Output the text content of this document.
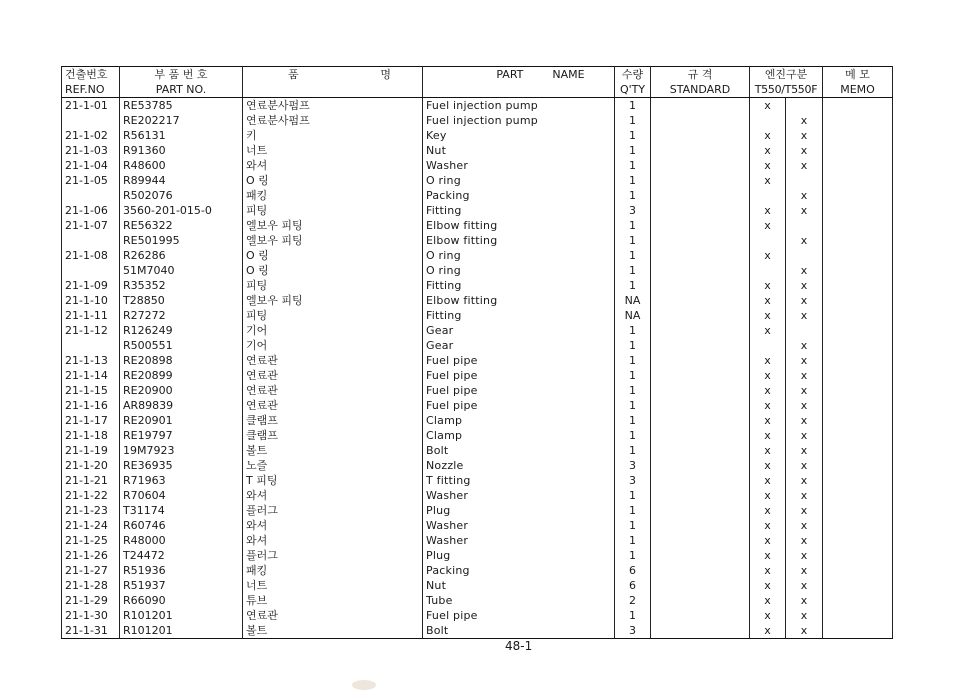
건출번호	부 품 번 호	품 명	PART NAME	수량	규 격	엔진구분		메 모
REF.NO	PART NO.			Q'TY	STANDARD	T550/T550F		MEMO
21-1-01	RE53785	연료분사펌프	Fuel injection pump	1		x		
	RE202217	연료분사펌프	Fuel injection pump	1			x	
21-1-02	R56131	키	Key	1		x	x	
21-1-03	R91360	너트	Nut	1		x	x	
21-1-04	R48600	와셔	Washer	1		x	x	
21-1-05	R89944	O 링	O ring	1		x		
	R502076	패킹	Packing	1			x	
21-1-06	3560-201-015-0	피팅	Fitting	3		x	x	
21-1-07	RE56322	엘보우 피팅	Elbow fitting	1		x		
	RE501995	엘보우 피팅	Elbow fitting	1			x	
21-1-08	R26286	O 링	O ring	1		x		
	51M7040	O 링	O ring	1			x	
21-1-09	R35352	피팅	Fitting	1		x	x	
21-1-10	T28850	엘보우 피팅	Elbow fitting	NA		x	x	
21-1-11	R27272	피팅	Fitting	NA		x	x	
21-1-12	R126249	기어	Gear	1		x		
	R500551	기어	Gear	1			x	
21-1-13	RE20898	연료관	Fuel pipe	1		x	x	
21-1-14	RE20899	연료관	Fuel pipe	1		x	x	
21-1-15	RE20900	연료관	Fuel pipe	1		x	x	
21-1-16	AR89839	연료관	Fuel pipe	1		x	x	
21-1-17	RE20901	클램프	Clamp	1		x	x	
21-1-18	RE19797	클램프	Clamp	1		x	x	
21-1-19	19M7923	볼트	Bolt	1		x	x	
21-1-20	RE36935	노즐	Nozzle	3		x	x	
21-1-21	R71963	T 피팅	T fitting	3		x	x	
21-1-22	R70604	와셔	Washer	1		x	x	
21-1-23	T31174	플러그	Plug	1		x	x	
21-1-24	R60746	와셔	Washer	1		x	x	
21-1-25	R48000	와셔	Washer	1		x	x	
21-1-26	T24472	플러그	Plug	1		x	x	
21-1-27	R51936	패킹	Packing	6		x	x	
21-1-28	R51937	너트	Nut	6		x	x	
21-1-29	R66090	튜브	Tube	2		x	x	
21-1-30	R101201	연료관	Fuel pipe	1		x	x	
21-1-31	R101201	볼트	Bolt	3		x	x	
48-1
